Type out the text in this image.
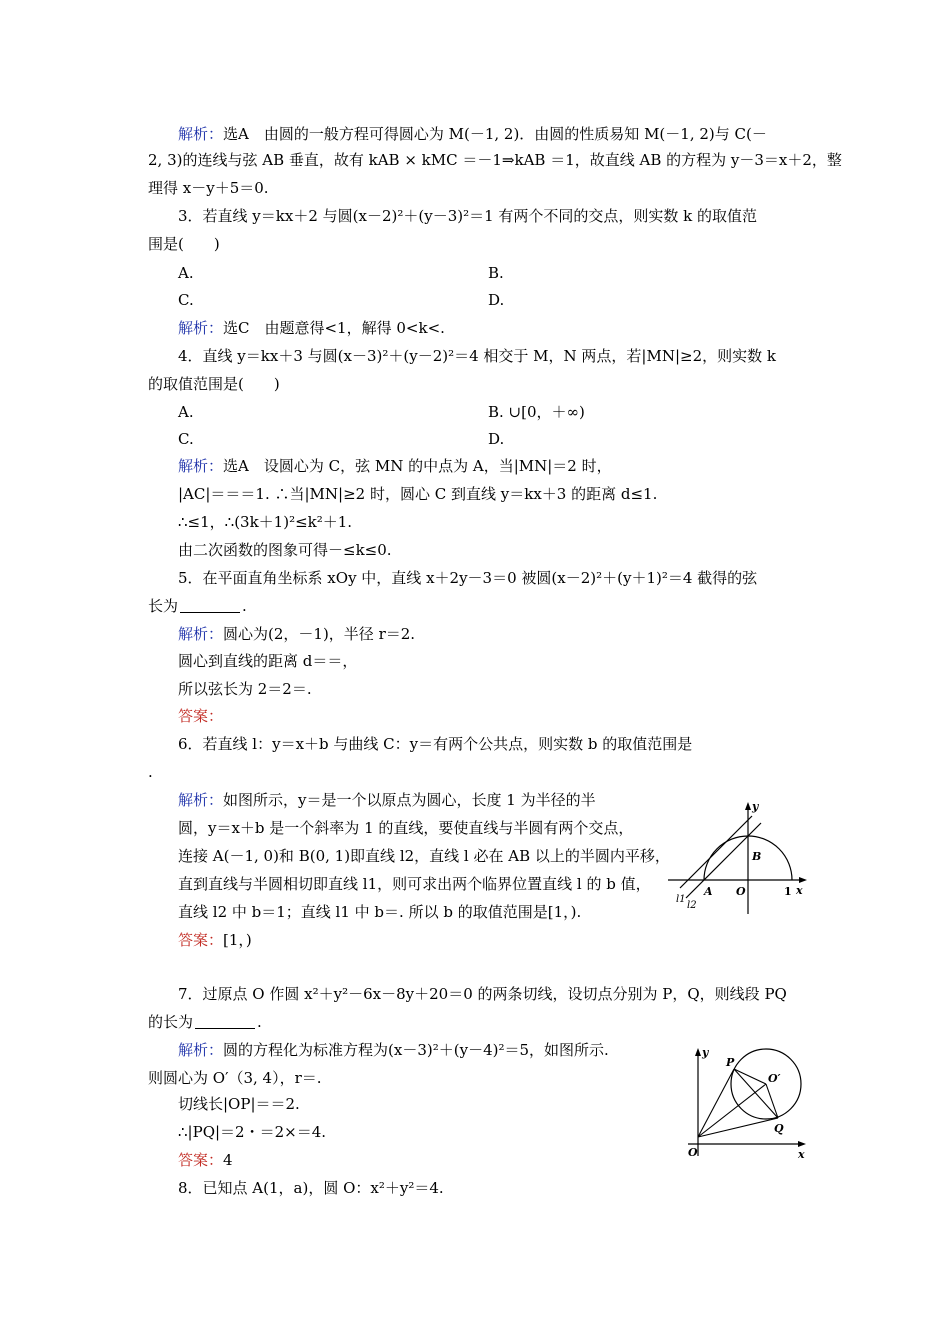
解析：选A　由圆的一般方程可得圆心为 M(－1, 2)．由圆的性质易知 M(－1, 2)与 C(－
2, 3)的连线与弦 AB 垂直，故有 kAB × kMC ＝－1⇒kAB ＝1，故直线 AB 的方程为 y－3＝x＋2，整
理得 x－y＋5＝0.
3．若直线 y＝kx＋2 与圆(x－2)²＋(y－3)²＝1 有两个不同的交点，则实数 k 的取值范
围是(　　)
A.	B.
C.	D.
解析：选C　由题意得<1，解得 0<k<.
4．直线 y＝kx＋3 与圆(x－3)²＋(y－2)²＝4 相交于 M，N 两点，若|MN|≥2，则实数 k
的取值范围是(　　)
A.	B. ∪[0，＋∞)
C.	D.
解析：选A　设圆心为 C，弦 MN 的中点为 A，当|MN|＝2 时，
|AC|＝＝＝1. ∴当|MN|≥2 时，圆心 C 到直线 y＝kx＋3 的距离 d≤1.
∴≤1，∴(3k＋1)²≤k²＋1.
由二次函数的图象可得－≤k≤0.
5．在平面直角坐标系 xOy 中，直线 x＋2y－3＝0 被圆(x－2)²＋(y＋1)²＝4 截得的弦
长为	.
解析：圆心为(2，－1)，半径 r＝2.
圆心到直线的距离 d＝＝，
所以弦长为 2＝2＝.
答案：
6．若直线 l：y＝x＋b 与曲线 C：y＝有两个公共点，则实数 b 的取值范围是
.
解析：如图所示，y＝是一个以原点为圆心，长度 1 为半径的半
圆，y＝x＋b 是一个斜率为 1 的直线，要使直线与半圆有两个交点，
连接 A(－1, 0)和 B(0, 1)即直线 l2，直线 l 必在 AB 以上的半圆内平移，
直到直线与半圆相切即直线 l1，则可求出两个临界位置直线 l 的 b 值，
直线 l2 中 b＝1；直线 l1 中 b＝. 所以 b 的取值范围是[1，).
答案：[1，)
7．过原点 O 作圆 x²＋y²－6x－8y＋20＝0 的两条切线，设切点分别为 P，Q，则线段 PQ
的长为	.
解析：圆的方程化为标准方程为(x－3)²＋(y－4)²＝5，如图所示.
则圆心为 O′（3, 4），r＝.
切线长|OP|＝＝2.
∴|PQ|＝2・＝2×＝4.
答案：4
8．已知点 A(1，a)，圆 O：x²＋y²＝4.
y
x
A O
B
1
l1
l2
y
x
O
P
Q
O′
